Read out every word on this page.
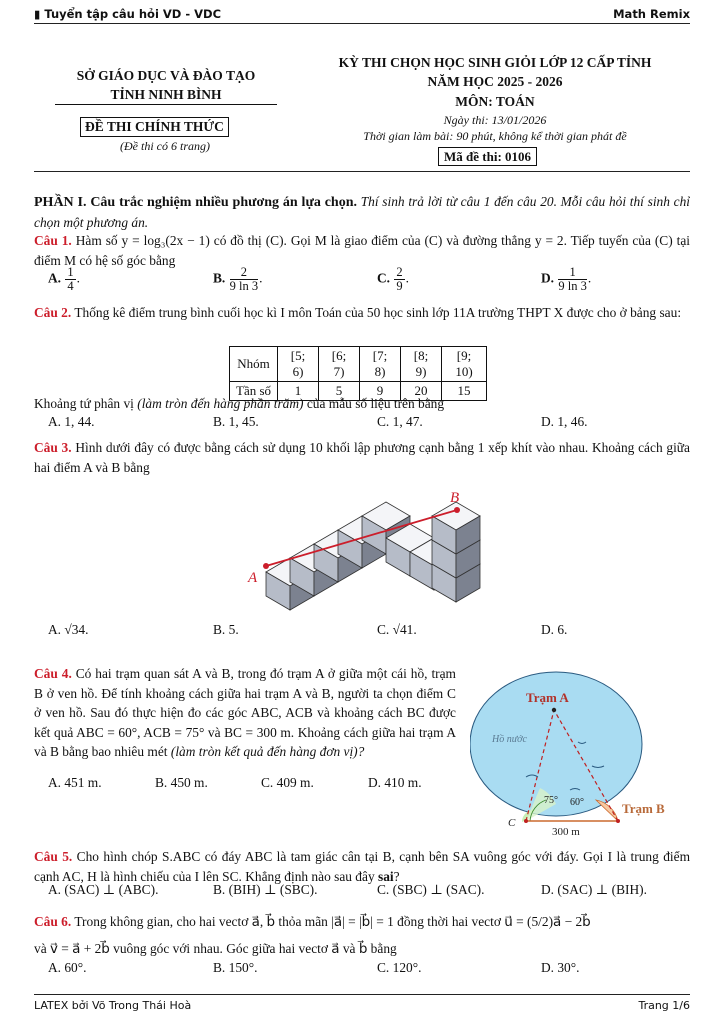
▮ Tuyển tập câu hỏi VD - VDC	Math Remix
SỞ GIÁO DỤC VÀ ĐÀO TẠO
TỈNH NINH BÌNH
ĐỀ THI CHÍNH THỨC
(Đề thi có 6 trang)
KỲ THI CHỌN HỌC SINH GIỎI LỚP 12 CẤP TỈNH
NĂM HỌC 2025 - 2026
MÔN: TOÁN
Ngày thi: 13/01/2026
Thời gian làm bài: 90 phút, không kể thời gian phát đề
Mã đề thi: 0106
PHẦN I. Câu trắc nghiệm nhiều phương án lựa chọn. Thí sinh trả lời từ câu 1 đến câu 20. Mỗi câu hỏi thí sinh chỉ chọn một phương án.
Câu 1. Hàm số y = log₃(2x − 1) có đồ thị (C). Gọi M là giao điểm của (C) và đường thẳng y = 2. Tiếp tuyến của (C) tại điểm M có hệ số góc bằng
A. $\frac{1}{4}$ .	B. $\frac{2}{9 \ln 3}$ .	C. $\frac{2}{9}$ .	D. $\frac{1}{9 \ln 3}$ .
Câu 2. Thống kê điểm trung bình cuối học kì I môn Toán của 50 học sinh lớp 11A trường THPT X được cho ở bảng sau:
Nhóm	[5; 6)	[6; 7)	[7; 8)	[8; 9)	[9; 10)
Tần số	1	5	9	20	15
Khoảng tứ phân vị (làm tròn đến hàng phần trăm) của mẫu số liệu trên bằng
A. 1, 44.	B. 1, 45.	C. 1, 47.	D. 1, 46.
Câu 3. Hình dưới đây có được bằng cách sử dụng 10 khối lập phương cạnh bằng 1 xếp khít vào nhau. Khoảng cách giữa hai điểm A và B bằng
A
B
A. √34.	B. 5.	C. √41.	D. 6.
Câu 4. Có hai trạm quan sát A và B, trong đó trạm A ở giữa một cái hồ, trạm B ở ven hồ. Để tính khoảng cách giữa hai trạm A và B, người ta chọn điểm C ở ven hồ. Sau đó thực hiện đo các góc ABC, ACB và khoảng cách BC được kết quả ABC = 60°, ACB = 75° và BC = 300 m. Khoảng cách giữa hai trạm A và B bằng bao nhiêu mét (làm tròn kết quả đến hàng đơn vị)?
A. 451 m.	B. 450 m.	C. 409 m.	D. 410 m.
Trạm A
Trạm B
Hồ nước
C
75° 60°
300 m
Câu 5. Cho hình chóp S.ABC có đáy ABC là tam giác cân tại B, cạnh bên SA vuông góc với đáy. Gọi I là trung điểm cạnh AC, H là hình chiếu của I lên SC. Khẳng định nào sau đây sai?
A. (SAC) ⊥ (ABC).	B. (BIH) ⊥ (SBC).	C. (SBC) ⊥ (SAC).	D. (SAC) ⊥ (BIH).
Câu 6. Trong không gian, cho hai vectơ a⃗, b⃗ thỏa mãn |a⃗| = |b⃗| = 1 đồng thời hai vectơ u⃗ = (5/2)a⃗ − 2b⃗
và v⃗ = a⃗ + 2b⃗ vuông góc với nhau. Góc giữa hai vectơ a⃗ và b⃗ bằng
A. 60°.	B. 150°.	C. 120°.	D. 30°.
LATEX bởi Võ Trong Thái Hoà	Trang 1/6
